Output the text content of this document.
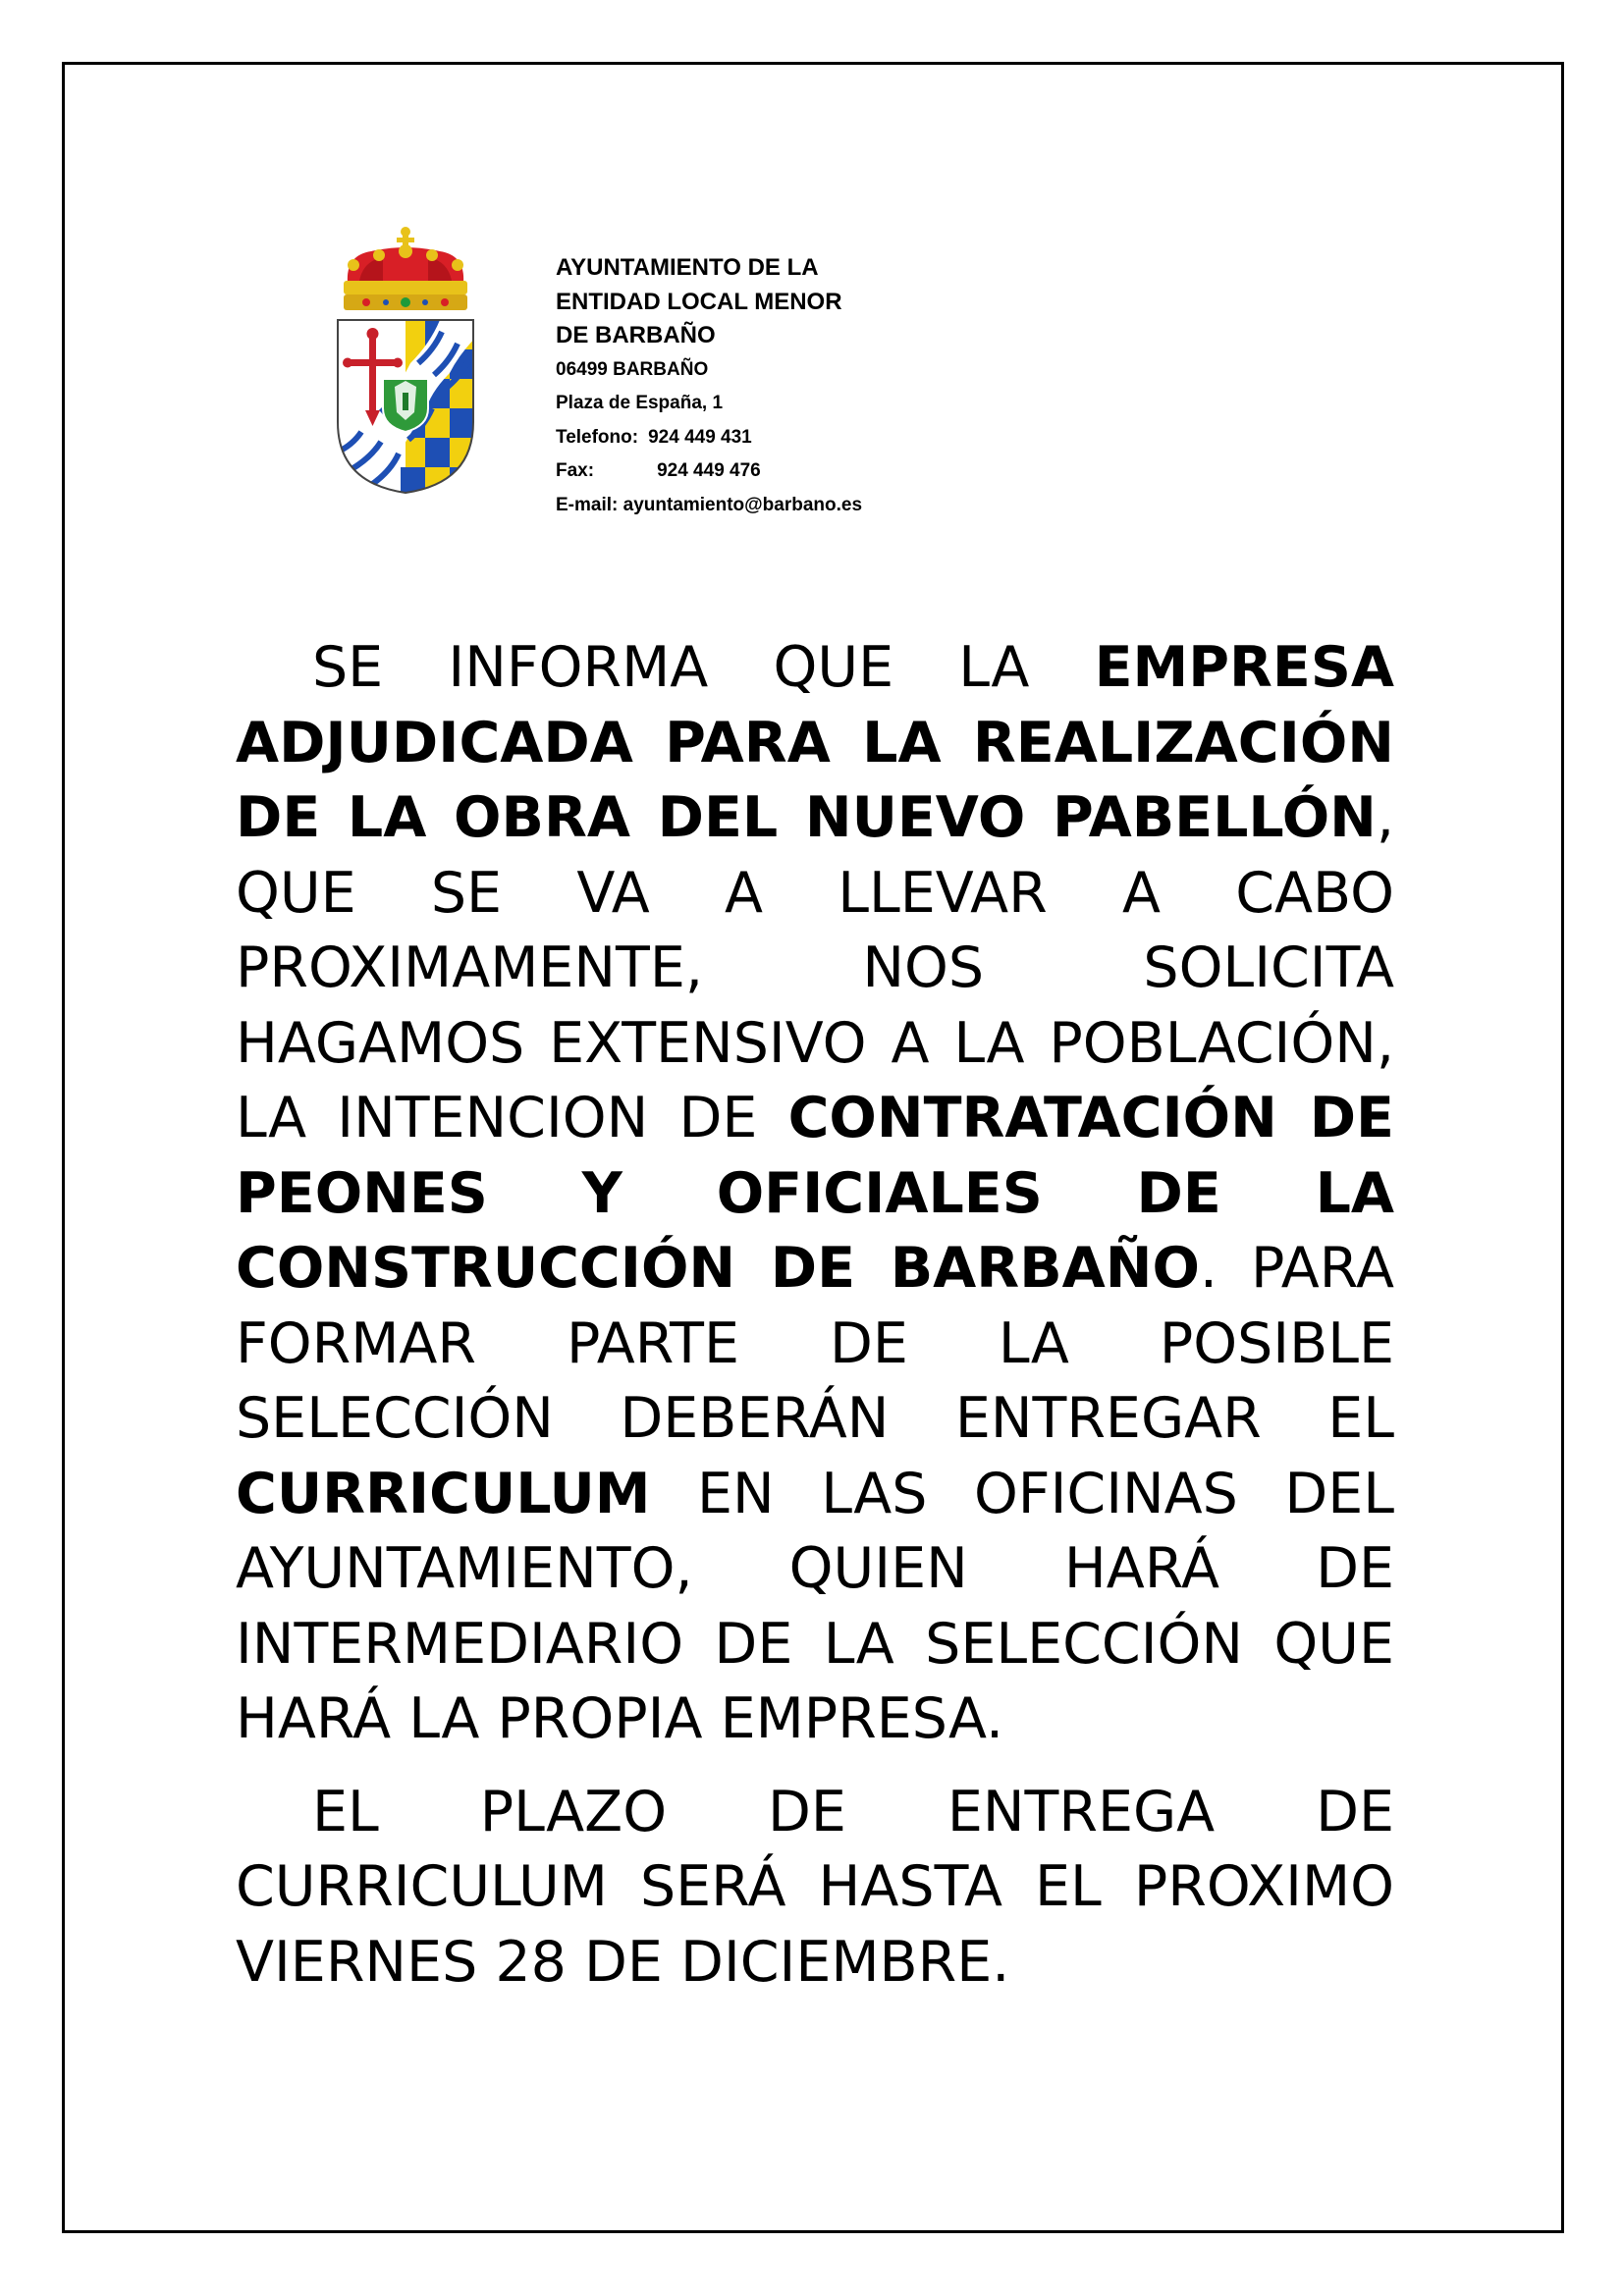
AYUNTAMIENTO DE LA
ENTIDAD LOCAL MENOR
DE BARBAÑO
06499 BARBAÑO
Plaza de España, 1
Telefono: 924 449 431
Fax:	924 449 476
E-mail: ayuntamiento@barbano.es

SE INFORMA QUE LA EMPRESA ADJUDICADA PARA LA REALIZACIÓN DE LA OBRA DEL NUEVO PABELLÓN, QUE SE VA A LLEVAR A CABO PROXIMAMENTE, NOS SOLICITA HAGAMOS EXTENSIVO A LA POBLACIÓN, LA INTENCION DE CONTRATACIÓN DE PEONES Y OFICIALES DE LA CONSTRUCCIÓN DE BARBAÑO. PARA FORMAR PARTE DE LA POSIBLE SELECCIÓN DEBERÁN ENTREGAR EL CURRICULUM EN LAS OFICINAS DEL AYUNTAMIENTO, QUIEN HARÁ DE INTERMEDIARIO DE LA SELECCIÓN QUE HARÁ LA PROPIA EMPRESA.

EL PLAZO DE ENTREGA DE CURRICULUM SERÁ HASTA EL PROXIMO VIERNES 28 DE DICIEMBRE.
